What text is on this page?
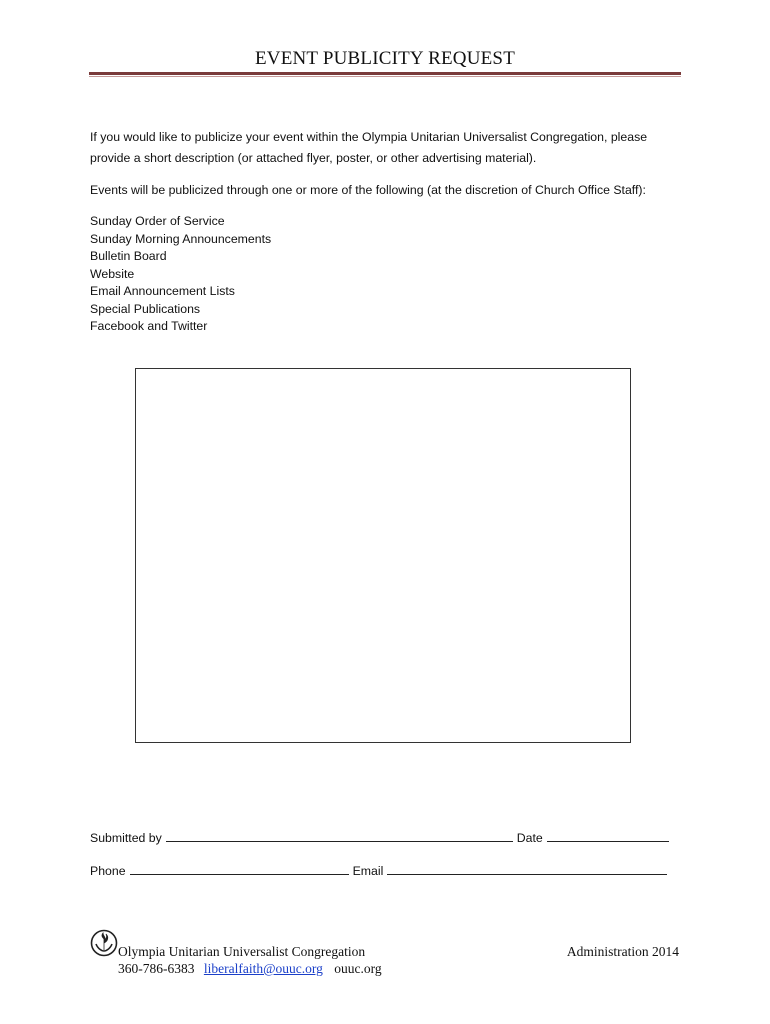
EVENT PUBLICITY REQUEST
If you would like to publicize your event within the Olympia Unitarian Universalist Congregation, please provide a short description (or attached flyer, poster, or other advertising material).
Events will be publicized through one or more of the following (at the discretion of Church Office Staff):
Sunday Order of Service
Sunday Morning Announcements
Bulletin Board
Website
Email Announcement Lists
Special Publications
Facebook and Twitter
Submitted by	Date
Phone	Email
Olympia Unitarian Universalist Congregation
360-786-6383 liberalfaith@ouuc.org ouuc.org
Administration 2014
